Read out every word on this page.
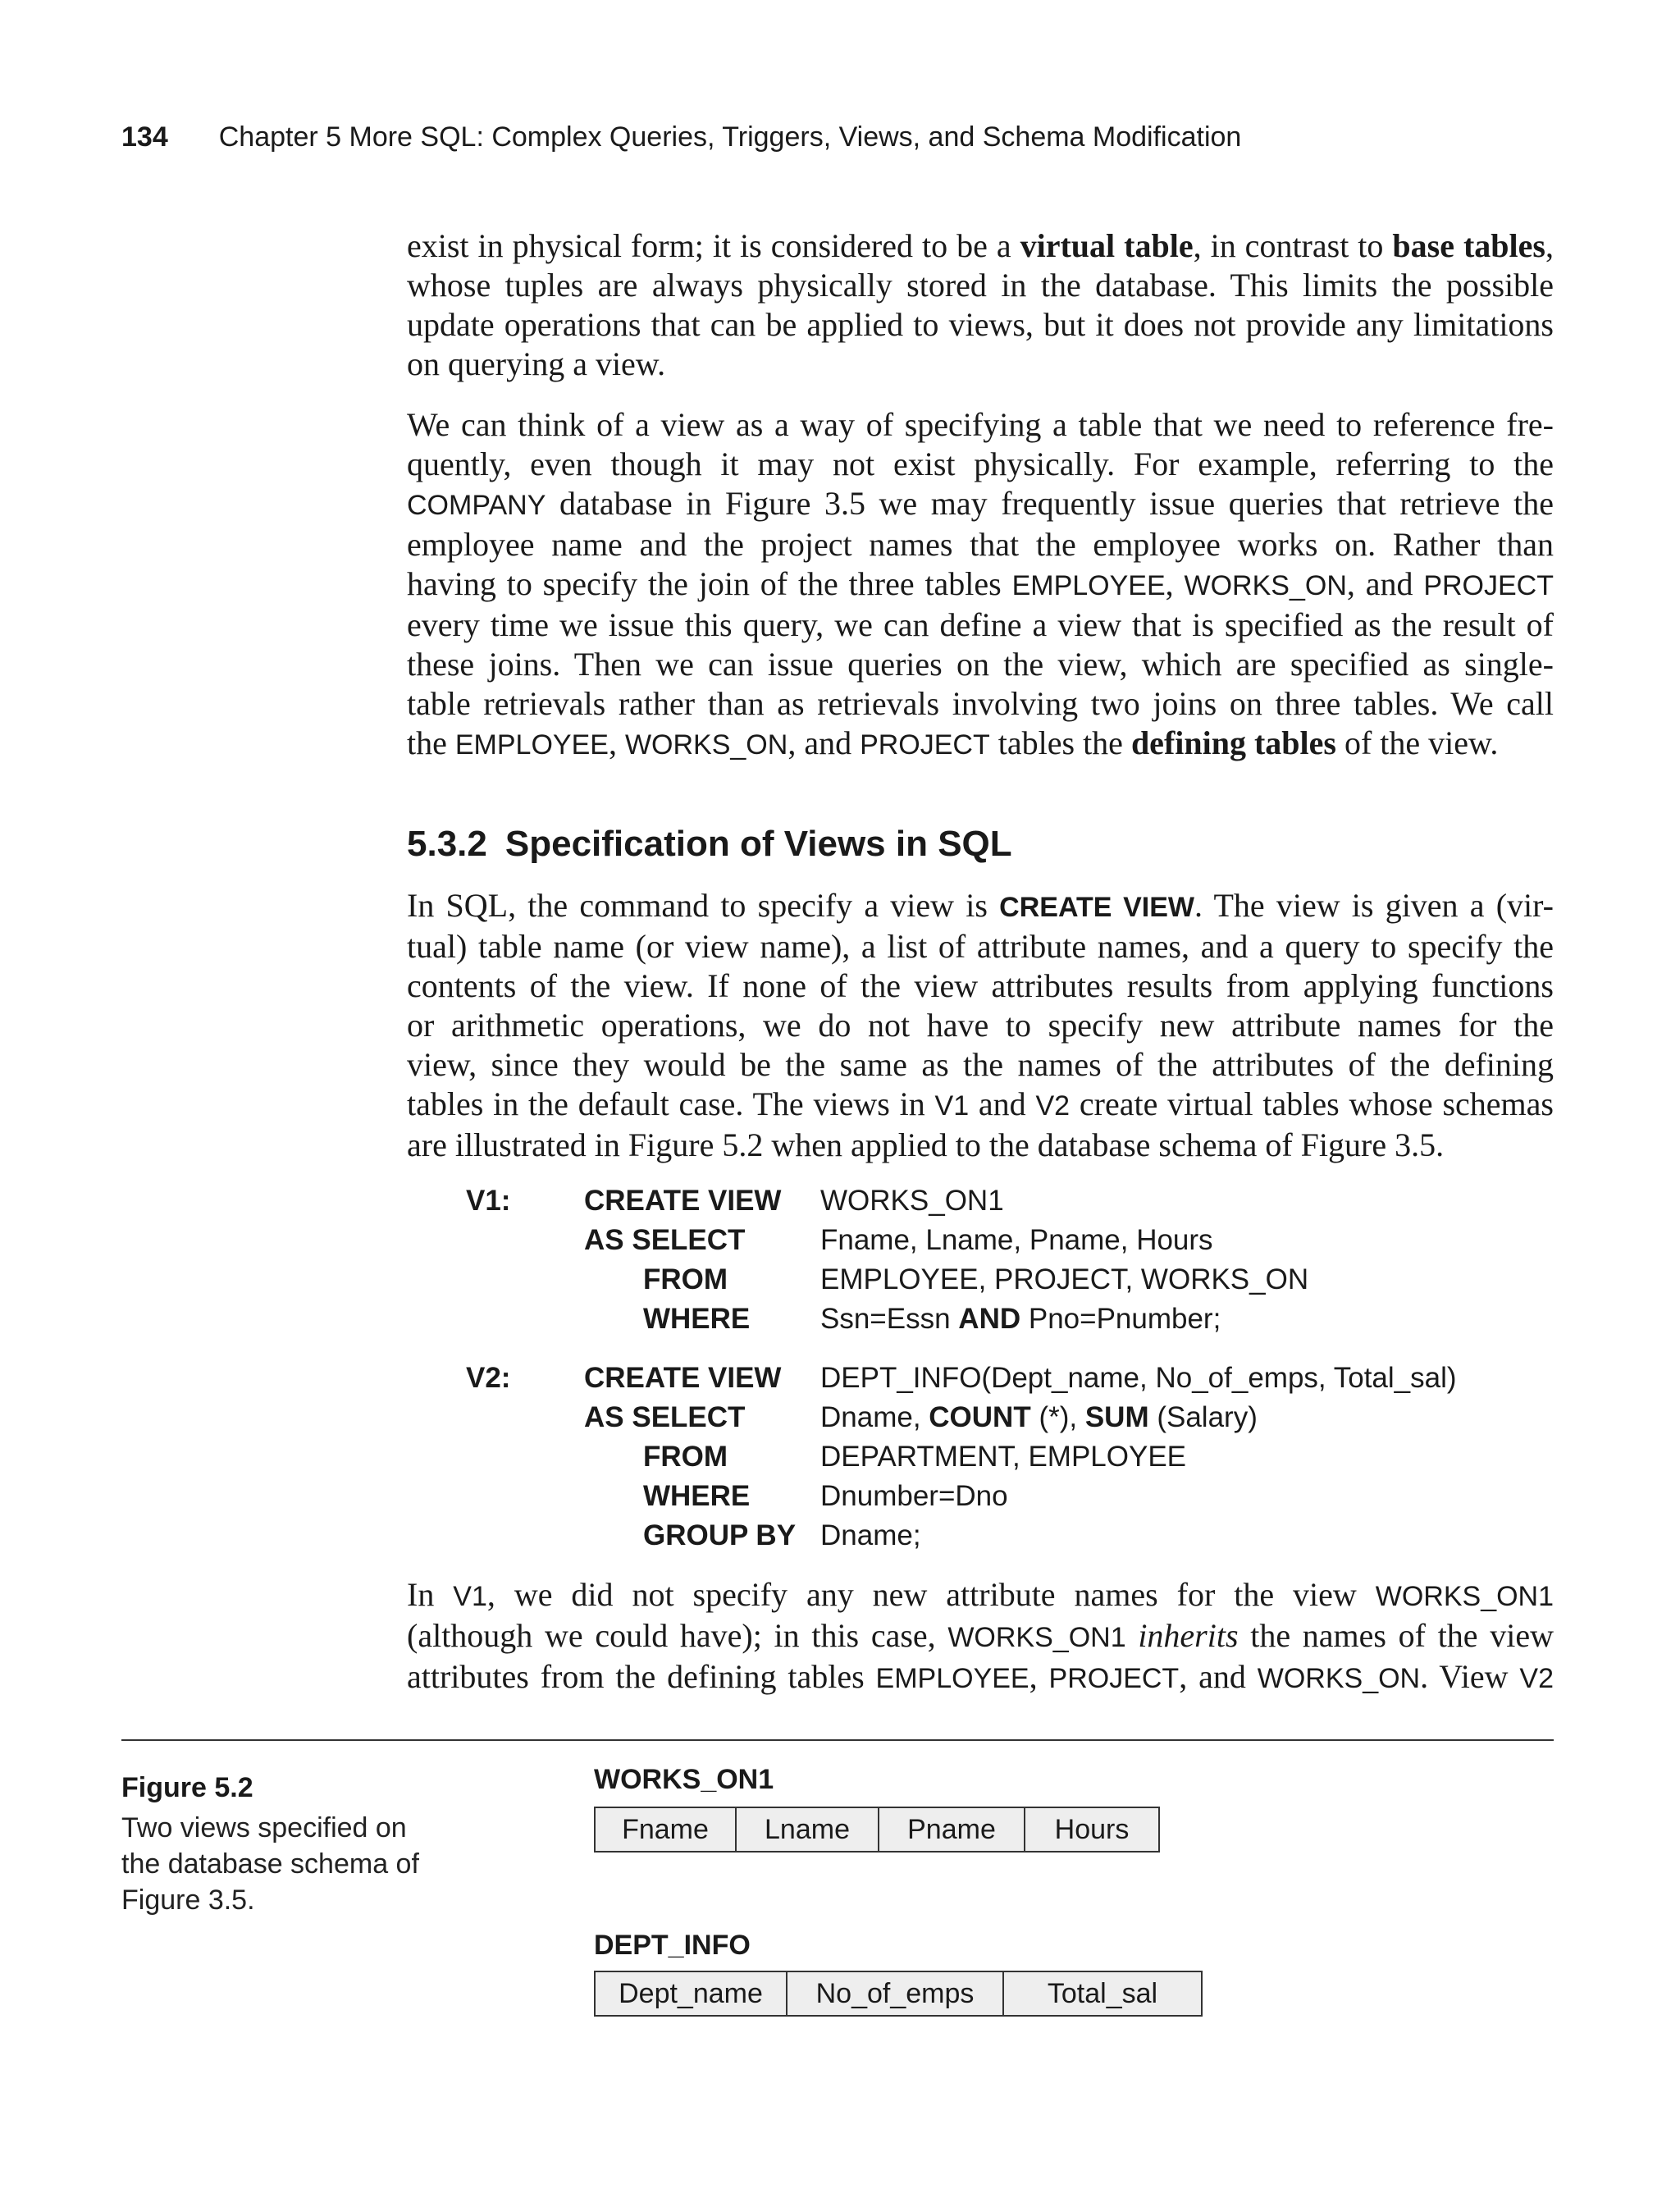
134 Chapter 5 More SQL: Complex Queries, Triggers, Views, and Schema Modification
exist in physical form; it is considered to be a virtual table, in contrast to base tables,
whose tuples are always physically stored in the database. This limits the possible
update operations that can be applied to views, but it does not provide any limitations
on querying a view.
We can think of a view as a way of specifying a table that we need to reference fre-
quently, even though it may not exist physically. For example, referring to the
COMPANY database in Figure 3.5 we may frequently issue queries that retrieve the
employee name and the project names that the employee works on. Rather than
having to specify the join of the three tables EMPLOYEE, WORKS_ON, and PROJECT
every time we issue this query, we can define a view that is specified as the result of
these joins. Then we can issue queries on the view, which are specified as single-
table retrievals rather than as retrievals involving two joins on three tables. We call
the EMPLOYEE, WORKS_ON, and PROJECT tables the defining tables of the view.
5.3.2 Specification of Views in SQL
In SQL, the command to specify a view is CREATE VIEW. The view is given a (vir-
tual) table name (or view name), a list of attribute names, and a query to specify the
contents of the view. If none of the view attributes results from applying functions
or arithmetic operations, we do not have to specify new attribute names for the
view, since they would be the same as the names of the attributes of the defining
tables in the default case. The views in V1 and V2 create virtual tables whose schemas
are illustrated in Figure 5.2 when applied to the database schema of Figure 3.5.
V1:	CREATE VIEW WORKS_ON1
AS SELECT	Fname, Lname, Pname, Hours
FROM	EMPLOYEE, PROJECT, WORKS_ON
WHERE Ssn=Essn AND Pno=Pnumber;
V2:	CREATE VIEW DEPT_INFO(Dept_name, No_of_emps, Total_sal)
AS SELECT	Dname, COUNT (*), SUM (Salary)
FROM	DEPARTMENT, EMPLOYEE
WHERE Dnumber=Dno
GROUP BY Dname;
In V1, we did not specify any new attribute names for the view WORKS_ON1
(although we could have); in this case, WORKS_ON1 inherits the names of the view
attributes from the defining tables EMPLOYEE, PROJECT, and WORKS_ON. View V2
Figure 5.2
Two views specified on
the database schema of
Figure 3.5.
WORKS_ON1
Fname	Lname	Pname	Hours
DEPT_INFO
Dept_name	No_of_emps	Total_sal
